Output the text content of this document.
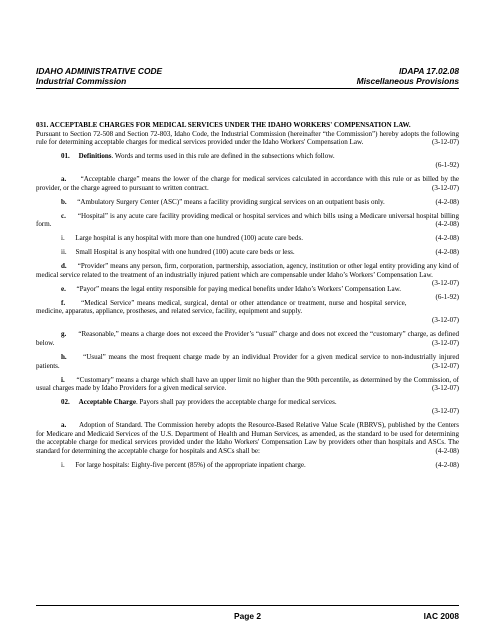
IDAHO ADMINISTRATIVE CODE	IDAPA 17.02.08
Industrial Commission	Miscellaneous Provisions

031. ACCEPTABLE CHARGES FOR MEDICAL SERVICES UNDER THE IDAHO WORKERS' COMPENSATION LAW.

Pursuant to Section 72-508 and Section 72-803, Idaho Code, the Industrial Commission (hereinafter “the Commission”) hereby adopts the following rule for determining acceptable charges for medical services provided under the Idaho Workers' Compensation Law.	(3-12-07)

01. Definitions. Words and terms used in this rule are defined in the subsections which follow.

(6-1-92)

a. “Acceptable charge” means the lower of the charge for medical services calculated in accordance with this rule or as billed by the provider, or the charge agreed to pursuant to written contract.	(3-12-07)

b. “Ambulatory Surgery Center (ASC)” means a facility providing surgical services on an outpatient basis only.	(4-2-08)

c. “Hospital” is any acute care facility providing medical or hospital services and which bills using a Medicare universal hospital billing form.	(4-2-08)

i. Large hospital is any hospital with more than one hundred (100) acute care beds.	(4-2-08)

ii. Small Hospital is any hospital with one hundred (100) acute care beds or less.	(4-2-08)

d. “Provider” means any person, firm, corporation, partnership, association, agency, institution or other legal entity providing any kind of medical service related to the treatment of an industrially injured patient which are compensable under Idaho’s Workers’ Compensation Law.
(3-12-07)

e. “Payor” means the legal entity responsible for paying medical benefits under Idaho’s Workers’ Compensation Law.
(6-1-92)

f. “Medical Service” means medical, surgical, dental or other attendance or treatment, nurse and hospital service, medicine, apparatus, appliance, prostheses, and related service, facility, equipment and supply.

(3-12-07)

g. “Reasonable,” means a charge does not exceed the Provider’s “usual” charge and does not exceed the “customary” charge, as defined below.	(3-12-07)

h. “Usual” means the most frequent charge made by an individual Provider for a given medical service to non-industrially injured patients.	(3-12-07)

i. “Customary” means a charge which shall have an upper limit no higher than the 90th percentile, as determined by the Commission, of usual charges made by Idaho Providers for a given medical service.	(3-12-07)

02. Acceptable Charge. Payors shall pay providers the acceptable charge for medical services.

(3-12-07)

a. Adoption of Standard. The Commission hereby adopts the Resource-Based Relative Value Scale (RBRVS), published by the Centers for Medicare and Medicaid Services of the U.S. Department of Health and Human Services, as amended, as the standard to be used for determining the acceptable charge for medical services provided under the Idaho Workers' Compensation Law by providers other than hospitals and ASCs. The standard for determining the acceptable charge for hospitals and ASCs shall be:	(4-2-08)

i. For large hospitals: Eighty-five percent (85%) of the appropriate inpatient charge.	(4-2-08)

Page 2	IAC 2008
